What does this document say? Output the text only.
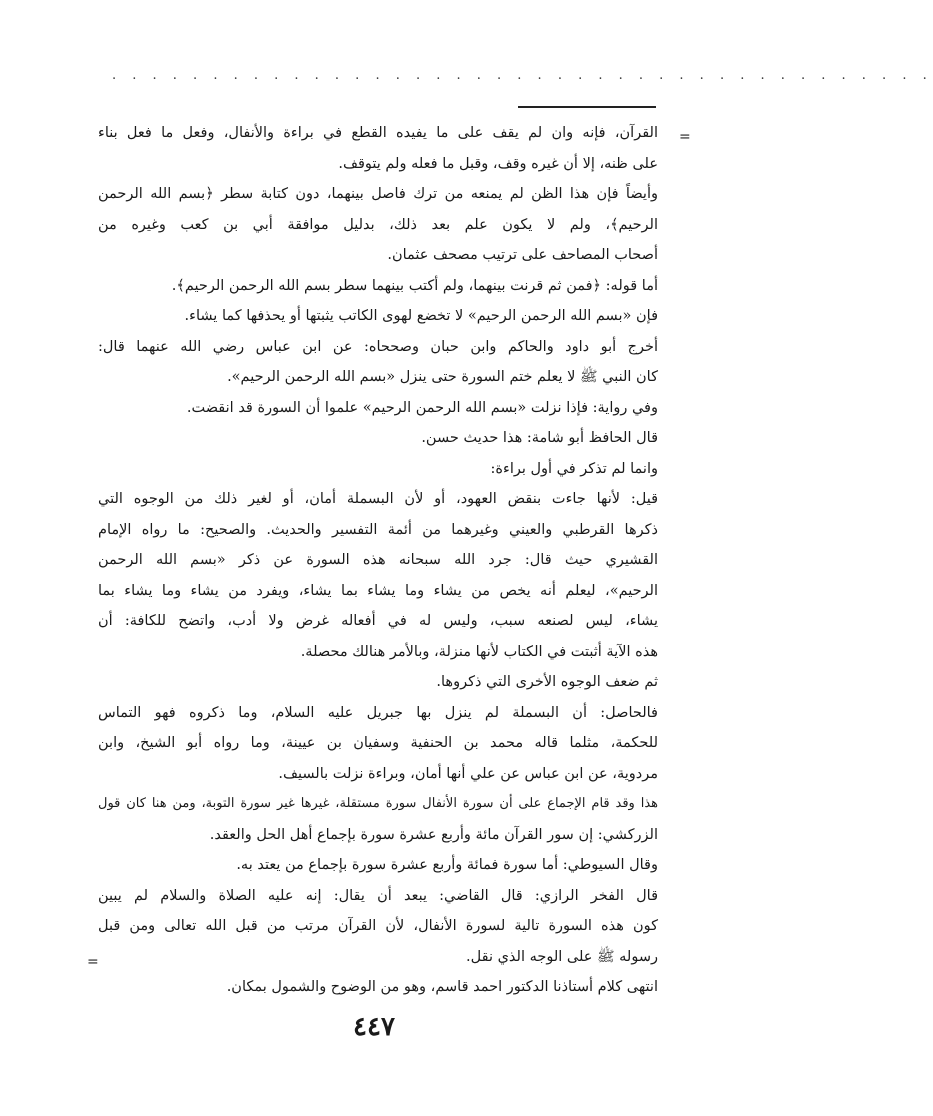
. . . . . . . . . . . . . . . . . . . . . . . . . . . . . . . . . . . . . . . . .
=
=
القرآن، فإنه وان لم يقف على ما يفيده القطع في براءة والأنفال، وفعل ما فعل بناء
على ظنه، إلا أن غيره وقف، وقبل ما فعله ولم يتوقف.
وأيضاً فإن هذا الظن لم يمنعه من ترك فاصل بينهما، دون كتابة سطر ﴿بسم الله الرحمن
الرحيم﴾، ولم لا يكون علم بعد ذلك، بدليل موافقة أبي بن كعب وغيره من
أصحاب المصاحف على ترتيب مصحف عثمان.
أما قوله: ﴿فمن ثم قرنت بينهما، ولم أكتب بينهما سطر بسم الله الرحمن الرحيم﴾.
فإن «بسم الله الرحمن الرحيم» لا تخضع لهوى الكاتب يثبتها أو يحذفها كما يشاء.
أخرج أبو داود والحاكم وابن حبان وصححاه: عن ابن عباس رضي الله عنهما قال:
كان النبي ﷺ لا يعلم ختم السورة حتى ينزل «بسم الله الرحمن الرحيم».
وفي رواية: فإذا نزلت «بسم الله الرحمن الرحيم» علموا أن السورة قد انقضت.
قال الحافظ أبو شامة: هذا حديث حسن.
وانما لم تذكر في أول براءة:
قيل: لأنها جاءت بنقض العهود، أو لأن البسملة أمان، أو لغير ذلك من الوجوه التي
ذكرها القرطبي والعيني وغيرهما من أئمة التفسير والحديث. والصحيح: ما رواه الإمام
القشيري حيث قال: جرد الله سبحانه هذه السورة عن ذكر «بسم الله الرحمن
الرحيم»، ليعلم أنه يخص من يشاء وما يشاء بما يشاء، ويفرد من يشاء وما يشاء بما
يشاء، ليس لصنعه سبب، وليس له في أفعاله غرض ولا أدب، واتضح للكافة: أن
هذه الآية أثبتت في الكتاب لأنها منزلة، وبالأمر هنالك محصلة.
ثم ضعف الوجوه الأخرى التي ذكروها.
فالحاصل: أن البسملة لم ينزل بها جبريل عليه السلام، وما ذكروه فهو التماس
للحكمة، مثلما قاله محمد بن الحنفية وسفيان بن عيينة، وما رواه أبو الشيخ، وابن
مردوية، عن ابن عباس عن علي أنها أمان، وبراءة نزلت بالسيف.
هذا وقد قام الإجماع على أن سورة الأنفال سورة مستقلة، غيرها غير سورة التوبة، ومن هنا كان قول
الزركشي: إن سور القرآن مائة وأربع عشرة سورة بإجماع أهل الحل والعقد.
وقال السيوطي: أما سورة فمائة وأربع عشرة سورة بإجماع من يعتد به.
قال الفخر الرازي: قال القاضي: يبعد أن يقال: إنه عليه الصلاة والسلام لم يبين
كون هذه السورة تالية لسورة الأنفال، لأن القرآن مرتب من قبل الله تعالى ومن قبل
رسوله ﷺ على الوجه الذي نقل.
انتهى كلام أستاذنا الدكتور احمد قاسم، وهو من الوضوح والشمول بمكان.
٤٤٧
